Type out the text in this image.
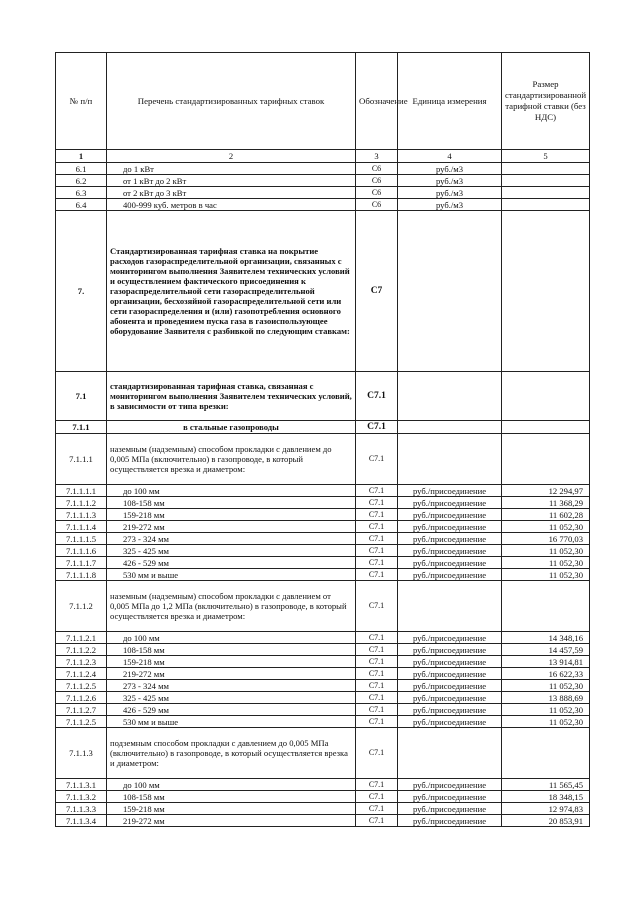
№ п/п	Перечень стандартизированных тарифных ставок	Обозначение	Единица измерения	Размер стандартизированной тарифной ставки (без НДС)
1	2	3	4	5
6.1	до 1 кВт	С6	руб./м3	
6.2	от 1 кВт до 2 кВт	С6	руб./м3	
6.3	от 2 кВт до 3 кВт	С6	руб./м3	
6.4	400-999 куб. метров в час	С6	руб./м3	
7.	Стандартизированная тарифная ставка на покрытие расходов газораспределительной организации, связанных с мониторингом выполнения Заявителем технических условий и осуществлением фактического присоединения к газораспределительной сети газораспределительной организации, бесхозяйной газораспределительной сети или сети газораспределения и (или) газопотребления основного абонента и проведением пуска газа в газоиспользующее оборудование Заявителя с разбивкой по следующим ставкам:	С7		
7.1	стандартизированная тарифная ставка, связанная с мониторингом выполнения Заявителем технических условий, в зависимости от типа врезки:	С7.1		
7.1.1	в стальные газопроводы	С7.1		
7.1.1.1	наземным (надземным) способом прокладки с давлением до 0,005 МПа (включительно) в газопроводе, в который осуществляется врезка и диаметром:	С7.1		
7.1.1.1.1	до 100 мм	С7.1	руб./присоединение	12 294,97
7.1.1.1.2	108-158 мм	С7.1	руб./присоединение	11 368,29
7.1.1.1.3	159-218 мм	С7.1	руб./присоединение	11 602,28
7.1.1.1.4	219-272 мм	С7.1	руб./присоединение	11 052,30
7.1.1.1.5	273 - 324 мм	С7.1	руб./присоединение	16 770,03
7.1.1.1.6	325 - 425 мм	С7.1	руб./присоединение	11 052,30
7.1.1.1.7	426 - 529 мм	С7.1	руб./присоединение	11 052,30
7.1.1.1.8	530 мм и выше	С7.1	руб./присоединение	11 052,30
7.1.1.2	наземным (надземным) способом прокладки с давлением от 0,005 МПа до 1,2 МПа (включительно) в газопроводе, в который осуществляется врезка и диаметром:	С7.1		
7.1.1.2.1	до 100 мм	С7.1	руб./присоединение	14 348,16
7.1.1.2.2	108-158 мм	С7.1	руб./присоединение	14 457,59
7.1.1.2.3	159-218 мм	С7.1	руб./присоединение	13 914,81
7.1.1.2.4	219-272 мм	С7.1	руб./присоединение	16 622,33
7.1.1.2.5	273 - 324 мм	С7.1	руб./присоединение	11 052,30
7.1.1.2.6	325 - 425 мм	С7.1	руб./присоединение	13 888,69
7.1.1.2.7	426 - 529 мм	С7.1	руб./присоединение	11 052,30
7.1.1.2.5	530 мм и выше	С7.1	руб./присоединение	11 052,30
7.1.1.3	подземным способом прокладки с давлением до 0,005 МПа (включительно) в газопроводе, в который осуществляется врезка и диаметром:	С7.1		
7.1.1.3.1	до 100 мм	С7.1	руб./присоединение	11 565,45
7.1.1.3.2	108-158 мм	С7.1	руб./присоединение	18 348,15
7.1.1.3.3	159-218 мм	С7.1	руб./присоединение	12 974,83
7.1.1.3.4	219-272 мм	С7.1	руб./присоединение	20 853,91
